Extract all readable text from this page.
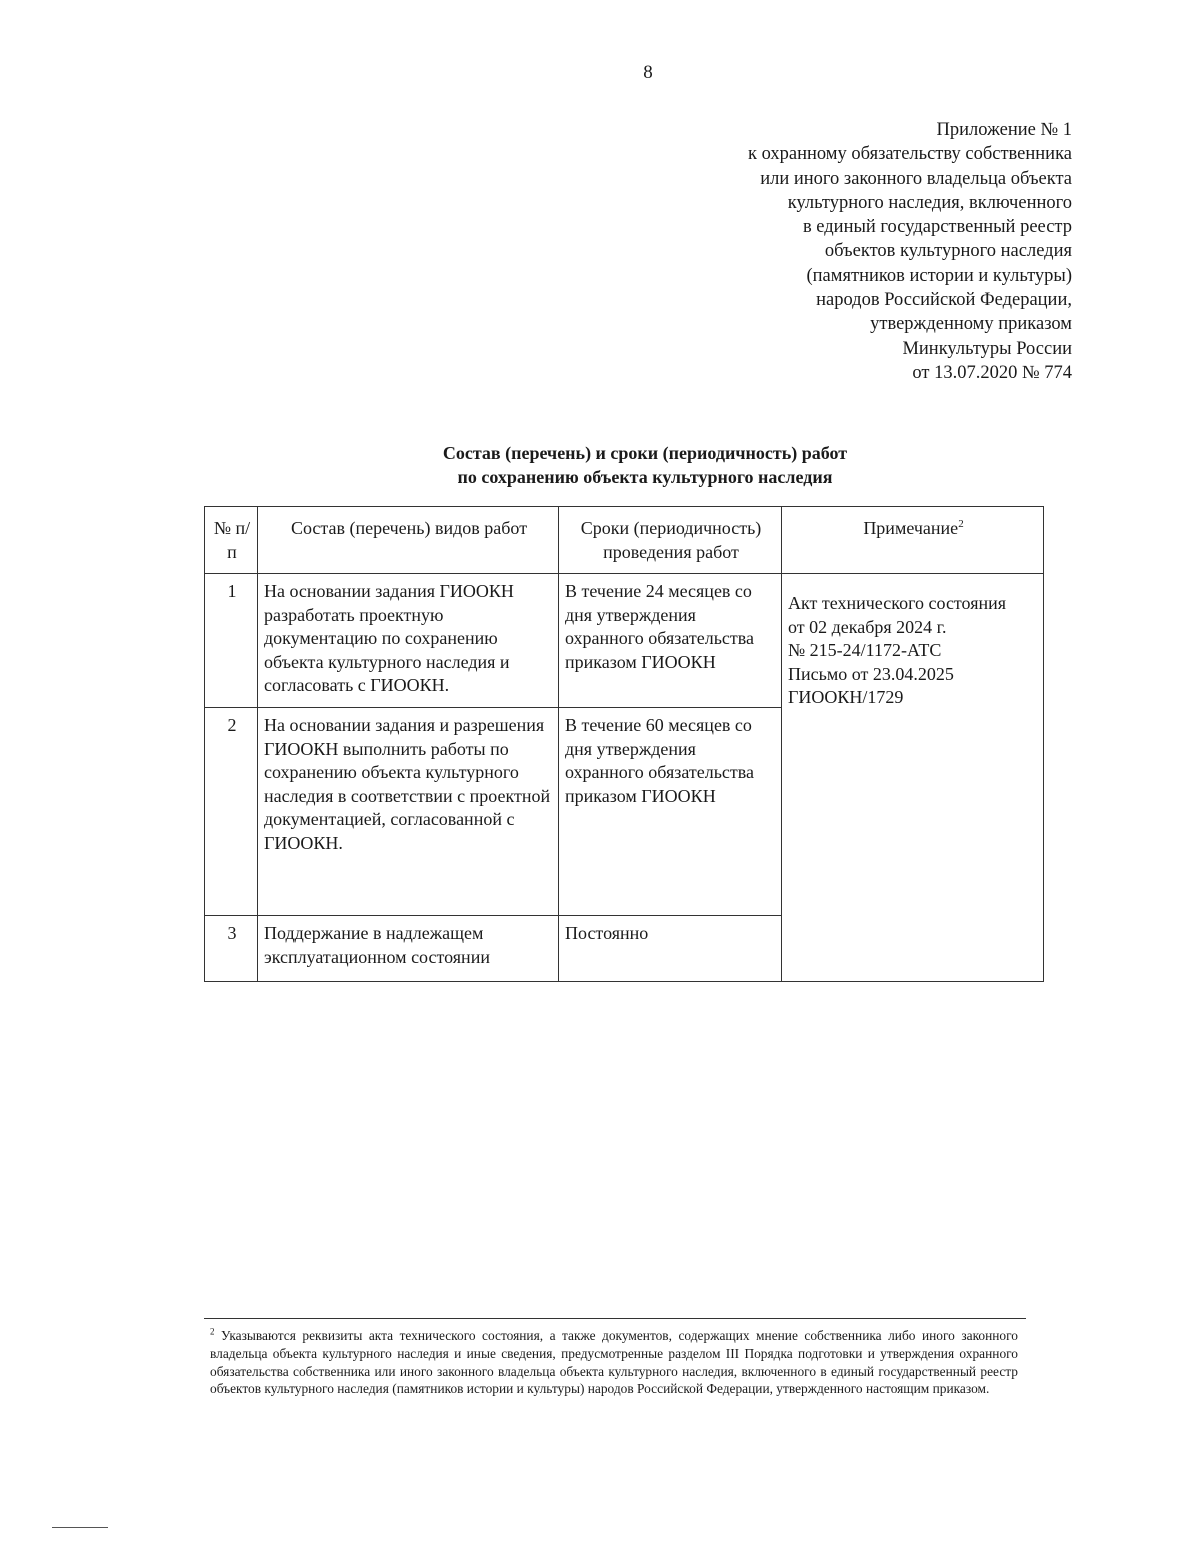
8
Приложение № 1
к охранному обязательству собственника
или иного законного владельца объекта
культурного наследия, включенного
в единый государственный реестр
объектов культурного наследия
(памятников истории и культуры)
народов Российской Федерации,
утвержденному приказом
Минкультуры России
от 13.07.2020 № 774
Состав (перечень) и сроки (периодичность) работ
по сохранению объекта культурного наследия
№ п/п	Состав (перечень) видов работ	Сроки (периодичность) проведения работ	Примечание$^2$
1	На основании задания ГИООКН разработать проектную документацию по сохранению объекта культурного наследия и согласовать с ГИООКН.	В течение 24 месяцев со дня утверждения охранного обязательства приказом ГИООКН	Акт технического состояния
от 02 декабря 2024 г.
№ 215-24/1172-АТС
Письмо от 23.04.2025
ГИООКН/1729

2	На основании задания и разрешения ГИООКН выполнить работы по сохранению объекта культурного наследия в соответствии с проектной документацией, согласованной с ГИООКН.	В течение 60 месяцев со дня утверждения охранного обязательства приказом ГИООКН	
3	Поддержание в надлежащем эксплуатационном состоянии	Постоянно	
$^2$ Указываются реквизиты акта технического состояния, а также документов, содержащих мнение собственника либо иного законного владельца объекта культурного наследия и иные сведения, предусмотренные разделом III Порядка подготовки и утверждения охранного обязательства собственника или иного законного владельца объекта культурного наследия, включенного в единый государственный реестр объектов культурного наследия (памятников истории и культуры) народов Российской Федерации, утвержденного настоящим приказом.
